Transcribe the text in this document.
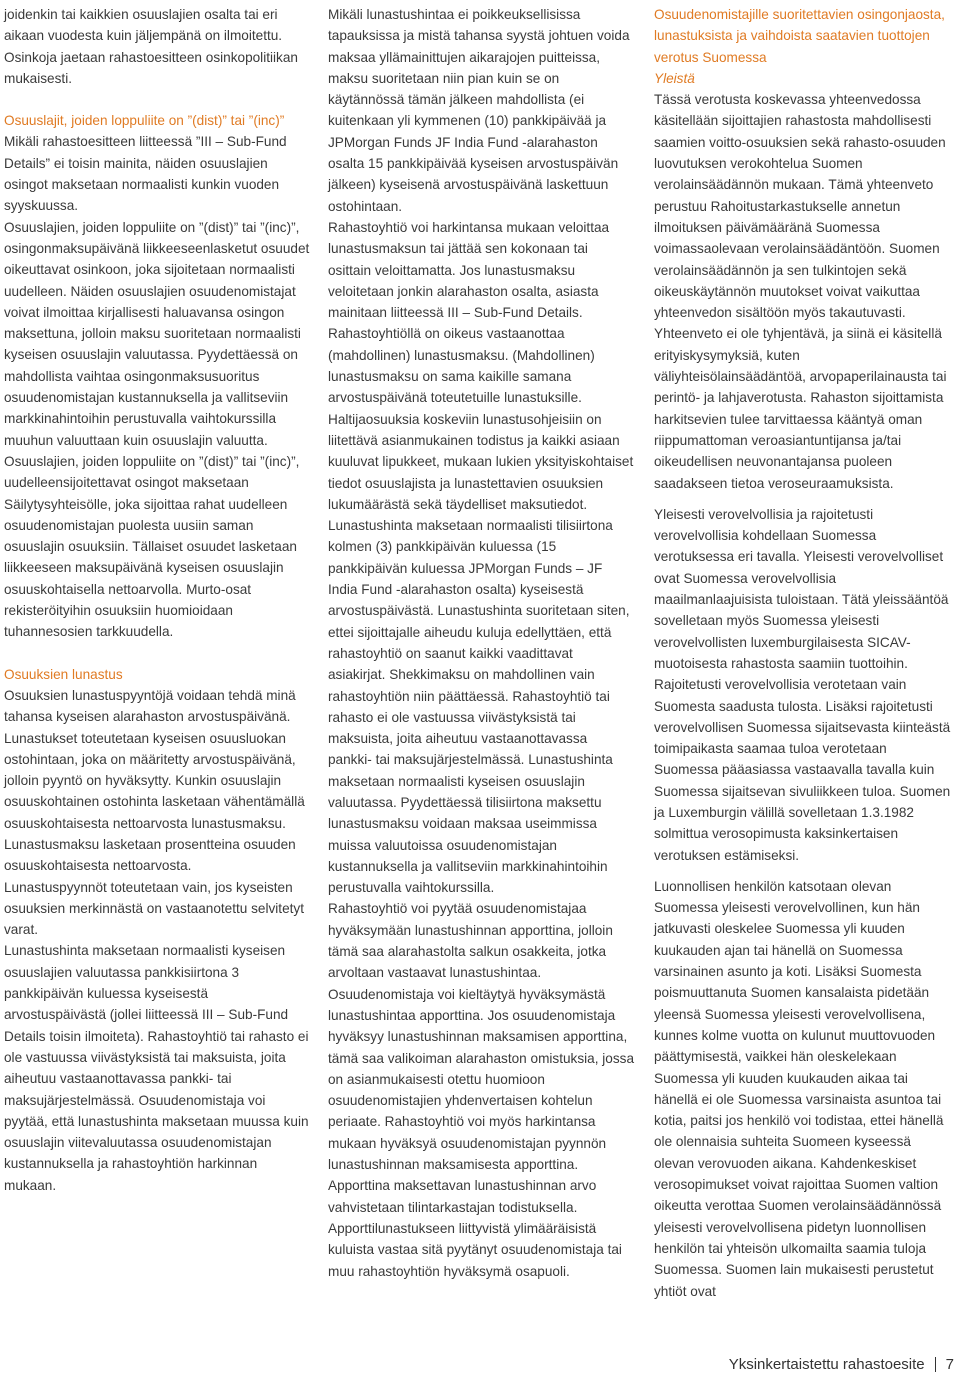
joidenkin tai kaikkien osuuslajien osalta tai eri aikaan vuodesta kuin jäljempänä on ilmoitettu. Osinkoja jaetaan rahastoesitteen osinkopolitiikan mukaisesti.

Osuuslajit, joiden loppuliite on ”(dist)” tai ”(inc)”

Mikäli rahastoesitteen liitteessä ”III – Sub-Fund Details” ei toisin mainita, näiden osuuslajien osingot maksetaan normaalisti kunkin vuoden syyskuussa.

Osuuslajien, joiden loppuliite on ”(dist)” tai ”(inc)”, osingonmaksupäivänä liikkeeseenlasketut osuudet oikeuttavat osinkoon, joka sijoitetaan normaalisti uudelleen. Näiden osuuslajien osuudenomistajat voivat ilmoittaa kirjallisesti haluavansa osingon maksettuna, jolloin maksu suoritetaan normaalisti kyseisen osuuslajin valuutassa. Pyydettäessä on mahdollista vaihtaa osingonmaksusuoritus osuudenomistajan kustannuksella ja vallitseviin markkinahintoihin perustuvalla vaihtokurssilla muuhun valuuttaan kuin osuuslajin valuutta.

Osuuslajien, joiden loppuliite on ”(dist)” tai ”(inc)”, uudelleensijoitettavat osingot maksetaan Säilytysyhteisölle, joka sijoittaa rahat uudelleen osuudenomistajan puolesta uusiin saman osuuslajin osuuksiin. Tällaiset osuudet lasketaan liikkeeseen maksupäivänä kyseisen osuuslajin osuuskohtaisella nettoarvolla. Murto-osat rekisteröityihin osuuksiin huomioidaan tuhannesosien tarkkuudella.

Osuuksien lunastus

Osuuksien lunastuspyyntöjä voidaan tehdä minä tahansa kyseisen alarahaston arvostuspäivänä. Lunastukset toteutetaan kyseisen osuusluokan ostohintaan, joka on määritetty arvostuspäivänä, jolloin pyyntö on hyväksytty. Kunkin osuuslajin osuuskohtainen ostohinta lasketaan vähentämällä osuuskohtaisesta nettoarvosta lunastusmaksu. Lunastusmaksu lasketaan prosentteina osuuden osuuskohtaisesta nettoarvosta.

Lunastuspyynnöt toteutetaan vain, jos kyseisten osuuksien merkinnästä on vastaanotettu selvitetyt varat.

Lunastushinta maksetaan normaalisti kyseisen osuuslajien valuutassa pankkisiirtona 3 pankkipäivän kuluessa kyseisestä arvostuspäivästä (jollei liitteessä III – Sub-Fund Details toisin ilmoiteta). Rahastoyhtiö tai rahasto ei ole vastuussa viivästyksistä tai maksuista, joita aiheutuu vastaanottavassa pankki- tai maksujärjestelmässä. Osuudenomistaja voi pyytää, että lunastushinta maksetaan muussa kuin osuuslajin viitevaluutassa osuudenomistajan kustannuksella ja rahastoyhtiön harkinnan mukaan.

Mikäli lunastushintaa ei poikkeuksellisissa tapauksissa ja mistä tahansa syystä johtuen voida maksaa yllämainittujen aikarajojen puitteissa, maksu suoritetaan niin pian kuin se on käytännössä tämän jälkeen mahdollista (ei kuitenkaan yli kymmenen (10) pankkipäivää ja JPMorgan Funds JF India Fund -alarahaston osalta 15 pankkipäivää kyseisen arvostuspäivän jälkeen) kyseisenä arvostuspäivänä laskettuun ostohintaan.

Rahastoyhtiö voi harkintansa mukaan veloittaa lunastusmaksun tai jättää sen kokonaan tai osittain veloittamatta. Jos lunastusmaksu veloitetaan jonkin alarahaston osalta, asiasta mainitaan liitteessä III – Sub-Fund Details. Rahastoyhtiöllä on oikeus vastaanottaa (mahdollinen) lunastusmaksu. (Mahdollinen) lunastusmaksu on sama kaikille samana arvostuspäivänä toteutetuille lunastuksille.

Haltijaosuuksia koskeviin lunastusohjeisiin on liitettävä asianmukainen todistus ja kaikki asiaan kuuluvat lipukkeet, mukaan lukien yksityiskohtaiset tiedot osuuslajista ja lunastettavien osuuksien lukumäärästä sekä täydelliset maksutiedot.

Lunastushinta maksetaan normaalisti tilisiirtona kolmen (3) pankkipäivän kuluessa (15 pankkipäivän kuluessa JPMorgan Funds – JF India Fund -alarahaston osalta) kyseisestä arvostuspäivästä. Lunastushinta suoritetaan siten, ettei sijoittajalle aiheudu kuluja edellyttäen, että rahastoyhtiö on saanut kaikki vaadittavat asiakirjat. Shekkimaksu on mahdollinen vain rahastoyhtiön niin päättäessä. Rahastoyhtiö tai rahasto ei ole vastuussa viivästyksistä tai maksuista, joita aiheutuu vastaanottavassa pankki- tai maksujärjestelmässä. Lunastushinta maksetaan normaalisti kyseisen osuuslajin valuutassa. Pyydettäessä tilisiirtona maksettu lunastusmaksu voidaan maksaa useimmissa muissa valuutoissa osuudenomistajan kustannuksella ja vallitseviin markkinahintoihin perustuvalla vaihtokurssilla.

Rahastoyhtiö voi pyytää osuudenomistajaa hyväksymään lunastushinnan apporttina, jolloin tämä saa alarahastolta salkun osakkeita, jotka arvoltaan vastaavat lunastushintaa. Osuudenomistaja voi kieltäytyä hyväksymästä lunastushintaa apporttina. Jos osuudenomistaja hyväksyy lunastushinnan maksamisen apporttina, tämä saa valikoiman alarahaston omistuksia, jossa on asianmukaisesti otettu huomioon osuudenomistajien yhdenvertaisen kohtelun periaate. Rahastoyhtiö voi myös harkintansa mukaan hyväksyä osuudenomistajan pyynnön lunastushinnan maksamisesta apporttina. Apporttina maksettavan lunastushinnan arvo vahvistetaan tilintarkastajan todistuksella.

Apporttilunastukseen liittyvistä ylimääräisistä kuluista vastaa sitä pyytänyt osuudenomistaja tai muu rahastoyhtiön hyväksymä osapuoli.

Osuudenomistajille suoritettavien osingonjaosta, lunastuksista ja vaihdoista saatavien tuottojen verotus Suomessa
Yleistä

Tässä verotusta koskevassa yhteenvedossa käsitellään sijoittajien rahastosta mahdollisesti saamien voitto-osuuksien sekä rahasto-osuuden luovutuksen verokohtelua Suomen verolainsäädännön mukaan. Tämä yhteenveto perustuu Rahoitustarkastukselle annetun ilmoituksen päivämääränä Suomessa voimassaolevaan verolainsäädäntöön. Suomen verolainsäädännön ja sen tulkintojen sekä oikeuskäytännön muutokset voivat vaikuttaa yhteenvedon sisältöön myös takautuvasti. Yhteenveto ei ole tyhjentävä, ja siinä ei käsitellä erityiskysymyksiä, kuten väliyhteisölainsäädäntöä, arvopaperilainausta tai perintö- ja lahjaverotusta. Rahaston sijoittamista harkitsevien tulee tarvittaessa kääntyä oman riippumattoman veroasiantuntijansa ja/tai oikeudellisen neuvonantajansa puoleen saadakseen tietoa veroseuraamuksista.

Yleisesti verovelvollisia ja rajoitetusti verovelvollisia kohdellaan Suomessa verotuksessa eri tavalla. Yleisesti verovelvolliset ovat Suomessa verovelvollisia maailmanlaajuisista tuloistaan. Tätä yleissääntöä sovelletaan myös Suomessa yleisesti verovelvollisten luxemburgilaisesta SICAV-muotoisesta rahastosta saamiin tuottoihin. Rajoitetusti verovelvollisia verotetaan vain Suomesta saadusta tulosta. Lisäksi rajoitetusti verovelvollisen Suomessa sijaitsevasta kiinteästä toimipaikasta saamaa tuloa verotetaan Suomessa pääasiassa vastaavalla tavalla kuin Suomessa sijaitsevan sivuliikkeen tuloa. Suomen ja Luxemburgin välillä sovelletaan 1.3.1982 solmittua verosopimusta kaksinkertaisen verotuksen estämiseksi.

Luonnollisen henkilön katsotaan olevan Suomessa yleisesti verovelvollinen, kun hän jatkuvasti oleskelee Suomessa yli kuuden kuukauden ajan tai hänellä on Suomessa varsinainen asunto ja koti. Lisäksi Suomesta poismuuttanuta Suomen kansalaista pidetään yleensä Suomessa yleisesti verovelvollisena, kunnes kolme vuotta on kulunut muuttovuoden päättymisestä, vaikkei hän oleskelekaan Suomessa yli kuuden kuukauden aikaa tai hänellä ei ole Suomessa varsinaista asuntoa tai kotia, paitsi jos henkilö voi todistaa, ettei hänellä ole olennaisia suhteita Suomeen kyseessä olevan verovuoden aikana. Kahdenkeskiset verosopimukset voivat rajoittaa Suomen valtion oikeutta verottaa Suomen verolainsäädännössä yleisesti verovelvollisena pidetyn luonnollisen henkilön tai yhteisön ulkomailta saamia tuloja Suomessa. Suomen lain mukaisesti perustetut yhtiöt ovat

Yksinkertaistettu rahastoesite 7
